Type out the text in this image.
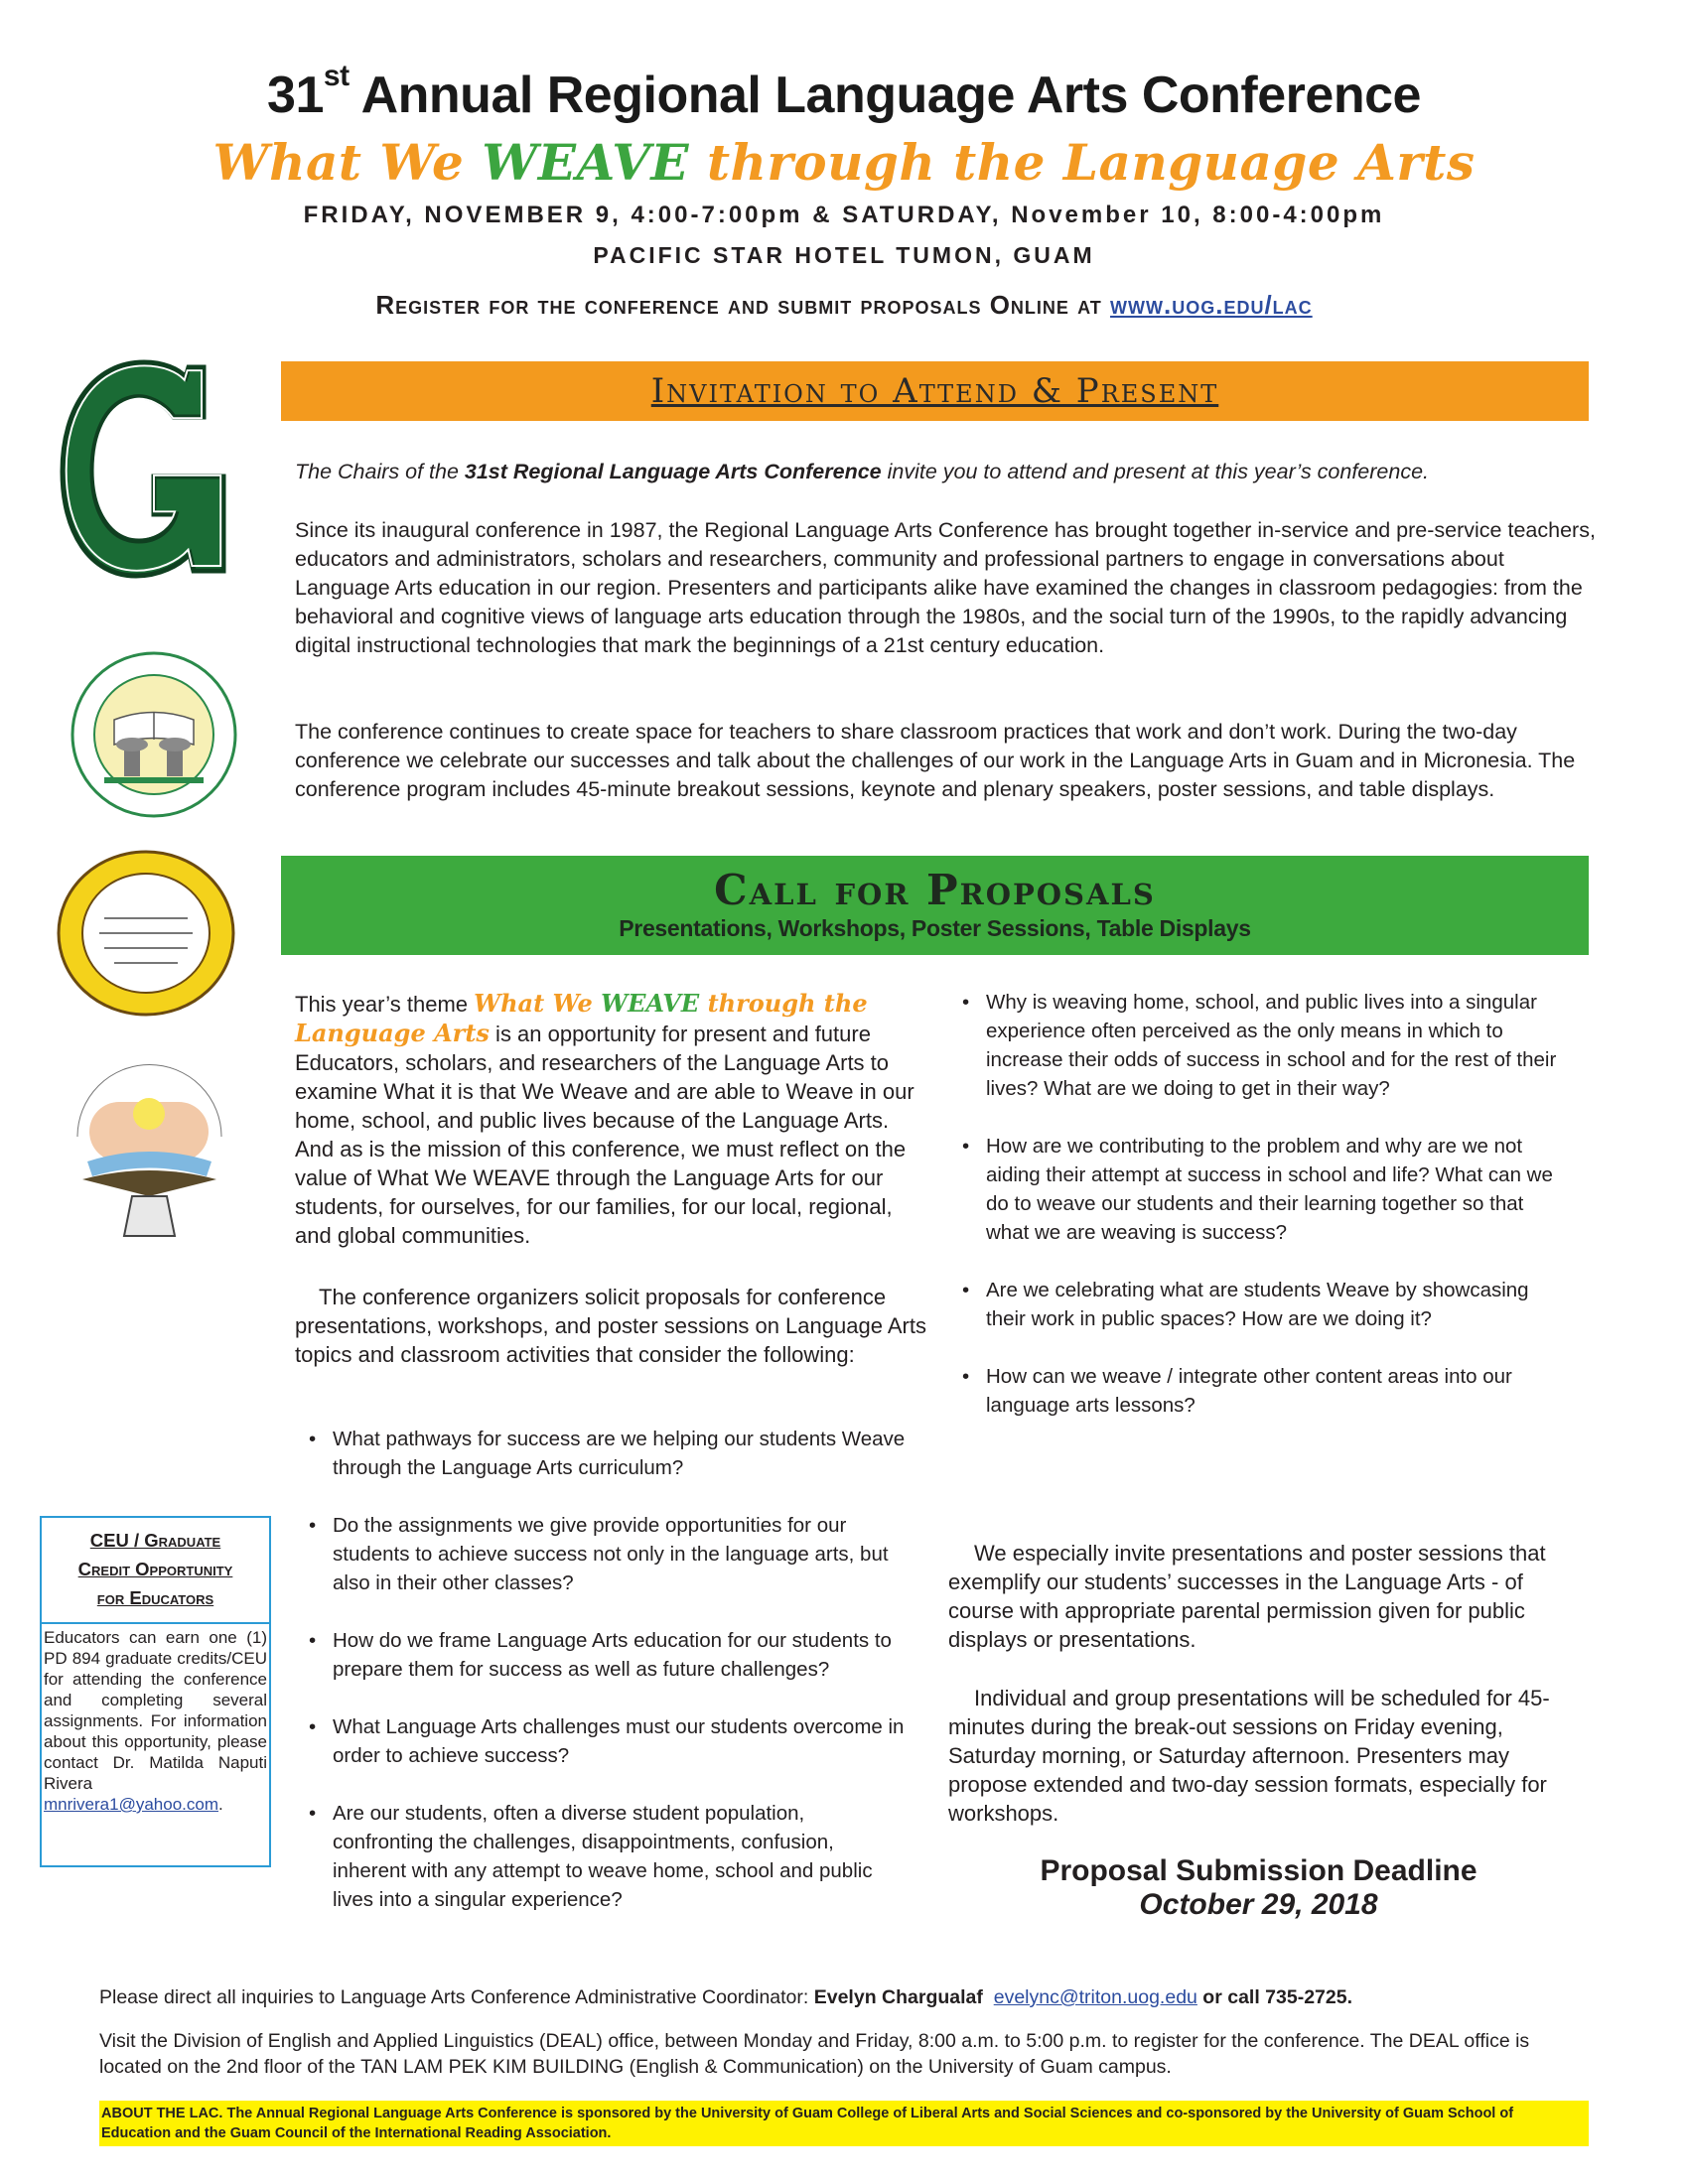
31st Annual Regional Language Arts Conference
What We WEAVE through the Language Arts
FRIDAY, NOVEMBER 9, 4:00-7:00pm & SATURDAY, November 10, 8:00-4:00pm
PACIFIC STAR HOTEL TUMON, GUAM
Register for the conference and submit proposals Online at www.uog.edu/lac
Invitation to Attend & Present
The Chairs of the 31st Regional Language Arts Conference invite you to attend and present at this year’s conference.
Since its inaugural conference in 1987, the Regional Language Arts Conference has brought together in-service and pre-service teachers, educators and administrators, scholars and researchers, community and professional partners to engage in conversations about Language Arts education in our region. Presenters and participants alike have examined the changes in classroom pedagogies: from the behavioral and cognitive views of language arts education through the 1980s, and the social turn of the 1990s, to the rapidly advancing digital instructional technologies that mark the beginnings of a 21st century education.
The conference continues to create space for teachers to share classroom practices that work and don’t work. During the two-day conference we celebrate our successes and talk about the challenges of our work in the Language Arts in Guam and in Micronesia. The conference program includes 45-minute breakout sessions, keynote and plenary speakers, poster sessions, and table displays.
Call for Proposals
Presentations, Workshops, Poster Sessions, Table Displays
This year’s theme What We WEAVE through the Language Arts is an opportunity for present and future Educators, scholars, and researchers of the Language Arts to examine What it is that We Weave and are able to Weave in our home, school, and public lives because of the Language Arts. And as is the mission of this conference, we must reflect on the value of What We WEAVE through the Language Arts for our students, for ourselves, for our families, for our local, regional, and global communities.
The conference organizers solicit proposals for conference presentations, workshops, and poster sessions on Language Arts topics and classroom activities that consider the following:
• What pathways for success are we helping our students Weave through the Language Arts curriculum?
• Do the assignments we give provide opportunities for our students to achieve success not only in the language arts, but also in their other classes?
• How do we frame Language Arts education for our students to prepare them for success as well as future challenges?
• What Language Arts challenges must our students overcome in order to achieve success?
• Are our students, often a diverse student population, confronting the challenges, disappointments, confusion, inherent with any attempt to weave home, school and public lives into a singular experience?
• Why is weaving home, school, and public lives into a singular experience often perceived as the only means in which to increase their odds of success in school and for the rest of their lives? What are we doing to get in their way?
• How are we contributing to the problem and why are we not aiding their attempt at success in school and life? What can we do to weave our students and their learning together so that what we are weaving is success?
• Are we celebrating what are students Weave by showcasing their work in public spaces? How are we doing it?
• How can we weave / integrate other content areas into our language arts lessons?
We especially invite presentations and poster sessions that exemplify our students’ successes in the Language Arts - of course with appropriate parental permission given for public displays or presentations.
Individual and group presentations will be scheduled for 45-minutes during the break-out sessions on Friday evening, Saturday morning, or Saturday afternoon. Presenters may propose extended and two-day session formats, especially for workshops.
Proposal Submission Deadline
October 29, 2018
CEU / Graduate
Credit Opportunity
for Educators
Educators can earn one (1) PD 894 graduate credits/CEU for attending the conference and completing several assignments. For information about this opportunity, please contact Dr. Matilda Naputi Rivera mnrivera1@yahoo.com.
Please direct all inquiries to Language Arts Conference Administrative Coordinator: Evelyn Chargualaf evelync@triton.uog.edu or call 735-2725.
Visit the Division of English and Applied Linguistics (DEAL) office, between Monday and Friday, 8:00 a.m. to 5:00 p.m. to register for the conference. The DEAL office is located on the 2nd floor of the TAN LAM PEK KIM BUILDING (English & Communication) on the University of Guam campus.
ABOUT THE LAC. The Annual Regional Language Arts Conference is sponsored by the University of Guam College of Liberal Arts and Social Sciences and co-sponsored by the University of Guam School of Education and the Guam Council of the International Reading Association.
